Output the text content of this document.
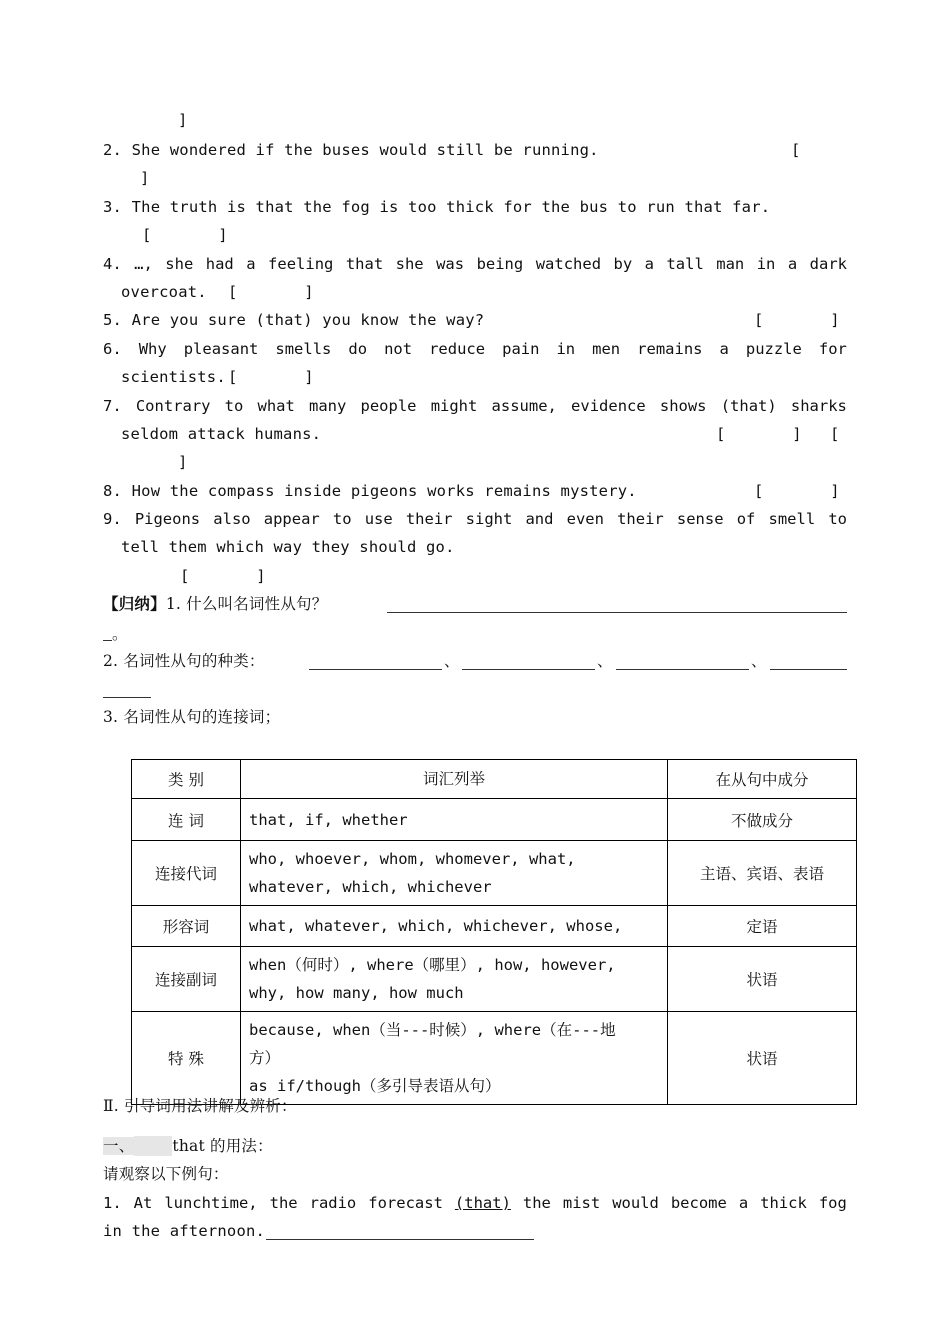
]
2. She wondered if the buses would still be running.	[
]
3. The truth is that the fog is too thick for the bus to run that far.
[       ]
4. …, she had a feeling that she was being watched by a tall man in a dark
overcoat. [       ]
5. Are you sure (that) you know the way?	[       ]
6. Why pleasant smells do not reduce pain in men remains a puzzle for
scientists. [       ]
7. Contrary to what many people might assume, evidence shows (that) sharks
seldom attack humans.	[       ] [
]
8. How the compass inside pigeons works remains mystery.	[       ]
9. Pigeons also appear to use their sight and even their sense of smell to
tell them which way they should go.
[       ]
【归纳】1. 什么叫名词性从句？
。
2. 名词性从句的种类：	、	、	、
3. 名词性从句的连接词；
类 别	词汇列举	在从句中成分
连 词	that, if, whether	不做成分
连接代词	who, whoever, whom, whomever, what,
whatever, which, whichever	主语、宾语、表语
形容词	what, whatever, which, whichever, whose,	定语
连接副词	when（何时）, where（哪里）, how, however,
why, how many, how much	状语
特 殊	because, when（当---时候）, where（在---地
方）
as if/though（多引导表语从句）	状语
Ⅱ. 引导词用法讲解及辨析：
一、 that 的用法：
请观察以下例句：
1. At lunchtime, the radio forecast (that) the mist would become a thick fog
in the afternoon.
